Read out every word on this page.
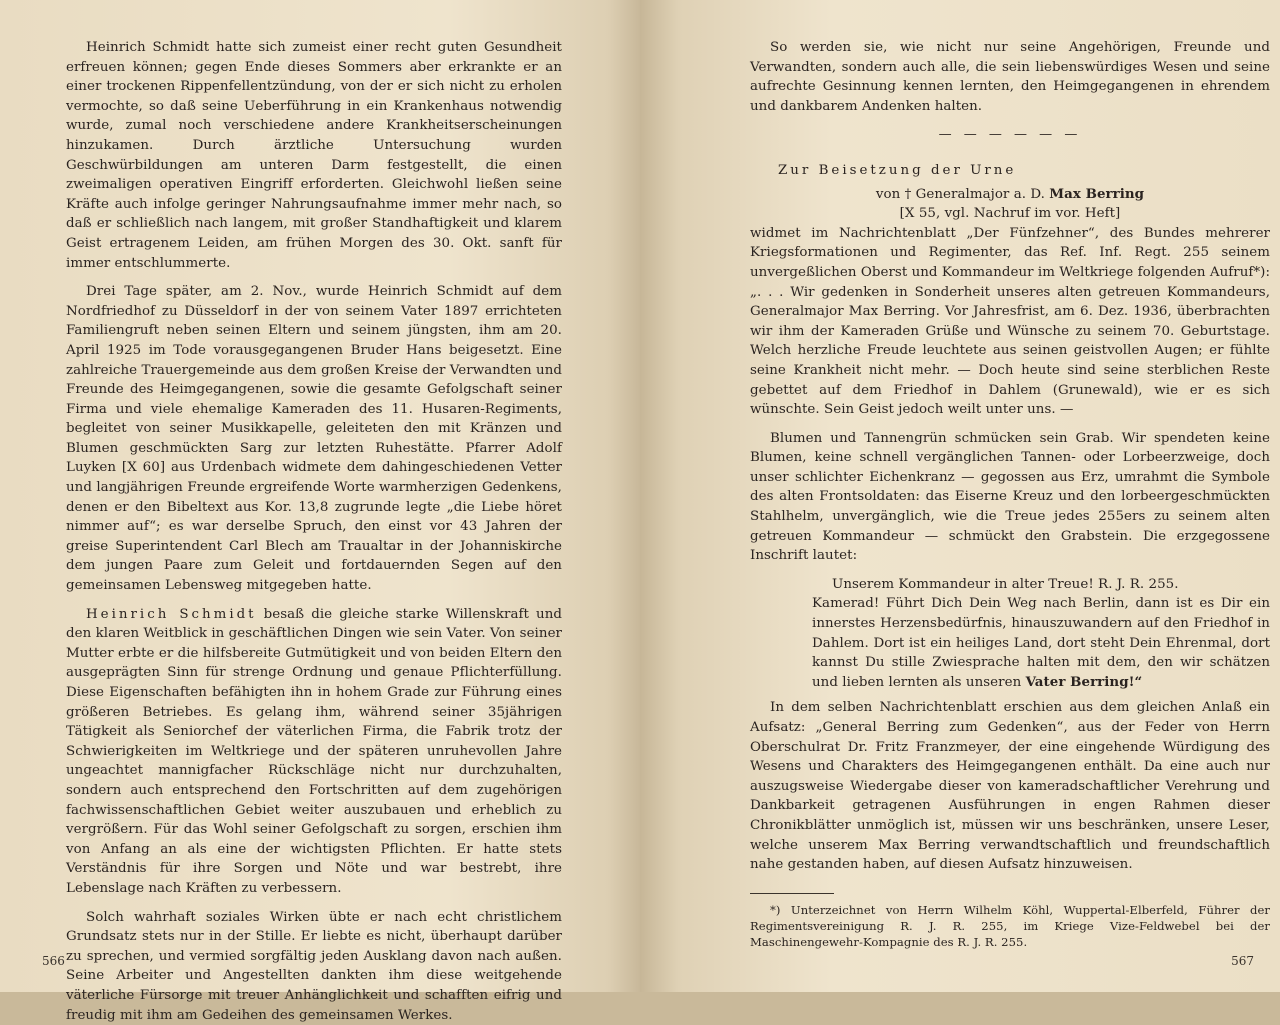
Heinrich Schmidt hatte sich zumeist einer recht guten Gesundheit erfreuen können; gegen Ende dieses Sommers aber erkrankte er an einer trockenen Rippenfellentzündung, von der er sich nicht zu erholen vermochte, so daß seine Ueberführung in ein Krankenhaus notwendig wurde, zumal noch verschiedene andere Krankheitserscheinungen hinzukamen. Durch ärztliche Untersuchung wurden Geschwürbildungen am unteren Darm festgestellt, die einen zweimaligen operativen Eingriff erforderten. Gleichwohl ließen seine Kräfte auch infolge geringer Nahrungsaufnahme immer mehr nach, so daß er schließlich nach langem, mit großer Standhaftigkeit und klarem Geist ertragenem Leiden, am frühen Morgen des 30. Okt. sanft für immer entschlummerte.

Drei Tage später, am 2. Nov., wurde Heinrich Schmidt auf dem Nordfriedhof zu Düsseldorf in der von seinem Vater 1897 errichteten Familiengruft neben seinen Eltern und seinem jüngsten, ihm am 20. April 1925 im Tode vorausgegangenen Bruder Hans beigesetzt. Eine zahlreiche Trauergemeinde aus dem großen Kreise der Verwandten und Freunde des Heimgegangenen, sowie die gesamte Gefolgschaft seiner Firma und viele ehemalige Kameraden des 11. Husaren-Regiments, begleitet von seiner Musikkapelle, geleiteten den mit Kränzen und Blumen geschmückten Sarg zur letzten Ruhestätte. Pfarrer Adolf Luyken [X 60] aus Urdenbach widmete dem dahingeschiedenen Vetter und langjährigen Freunde ergreifende Worte warmherzigen Gedenkens, denen er den Bibeltext aus Kor. 13,8 zugrunde legte „die Liebe höret nimmer auf“; es war derselbe Spruch, den einst vor 43 Jahren der greise Superintendent Carl Blech am Traualtar in der Johanniskirche dem jungen Paare zum Geleit und fortdauernden Segen auf den gemeinsamen Lebensweg mitgegeben hatte.

Heinrich Schmidt besaß die gleiche starke Willenskraft und den klaren Weitblick in geschäftlichen Dingen wie sein Vater. Von seiner Mutter erbte er die hilfsbereite Gutmütigkeit und von beiden Eltern den ausgeprägten Sinn für strenge Ordnung und genaue Pflichterfüllung. Diese Eigenschaften befähigten ihn in hohem Grade zur Führung eines größeren Betriebes. Es gelang ihm, während seiner 35jährigen Tätigkeit als Seniorchef der väterlichen Firma, die Fabrik trotz der Schwierigkeiten im Weltkriege und der späteren unruhevollen Jahre ungeachtet mannigfacher Rückschläge nicht nur durchzuhalten, sondern auch entsprechend den Fortschritten auf dem zugehörigen fachwissenschaftlichen Gebiet weiter auszubauen und erheblich zu vergrößern. Für das Wohl seiner Gefolgschaft zu sorgen, erschien ihm von Anfang an als eine der wichtigsten Pflichten. Er hatte stets Verständnis für ihre Sorgen und Nöte und war bestrebt, ihre Lebenslage nach Kräften zu verbessern.

Solch wahrhaft soziales Wirken übte er nach echt christlichem Grundsatz stets nur in der Stille. Er liebte es nicht, überhaupt darüber zu sprechen, und vermied sorgfältig jeden Ausklang davon nach außen. Seine Arbeiter und Angestellten dankten ihm diese weitgehende väterliche Fürsorge mit treuer Anhänglichkeit und schafften eifrig und freudig mit ihm am Gedeihen des gemeinsamen Werkes.

566

So werden sie, wie nicht nur seine Angehörigen, Freunde und Verwandten, sondern auch alle, die sein liebenswürdiges Wesen und seine aufrechte Gesinnung kennen lernten, den Heimgegangenen in ehrendem und dankbarem Andenken halten.

— — — — — —
Zur Beisetzung der Urne
von † Generalmajor a. D. Max Berring
[X 55, vgl. Nachruf im vor. Heft]

widmet im Nachrichtenblatt „Der Fünfzehner“, des Bundes mehrerer Kriegsformationen und Regimenter, das Ref. Inf. Regt. 255 seinem unvergeßlichen Oberst und Kommandeur im Weltkriege folgenden Aufruf*): „. . . Wir gedenken in Sonderheit unseres alten getreuen Kommandeurs, Generalmajor Max Berring. Vor Jahresfrist, am 6. Dez. 1936, überbrachten wir ihm der Kameraden Grüße und Wünsche zu seinem 70. Geburtstage. Welch herzliche Freude leuchtete aus seinen geistvollen Augen; er fühlte seine Krankheit nicht mehr. — Doch heute sind seine sterblichen Reste gebettet auf dem Friedhof in Dahlem (Grunewald), wie er es sich wünschte. Sein Geist jedoch weilt unter uns. —

Blumen und Tannengrün schmücken sein Grab. Wir spendeten keine Blumen, keine schnell vergänglichen Tannen- oder Lorbeerzweige, doch unser schlichter Eichenkranz — gegossen aus Erz, umrahmt die Symbole des alten Frontsoldaten: das Eiserne Kreuz und den lorbeergeschmückten Stahlhelm, unvergänglich, wie die Treue jedes 255ers zu seinem alten getreuen Kommandeur — schmückt den Grabstein. Die erzgegossene Inschrift lautet:

Unserem Kommandeur in alter Treue! R. J. R. 255.

Kamerad! Führt Dich Dein Weg nach Berlin, dann ist es Dir ein innerstes Herzensbedürfnis, hinauszuwandern auf den Friedhof in Dahlem. Dort ist ein heiliges Land, dort steht Dein Ehrenmal, dort kannst Du stille Zwiesprache halten mit dem, den wir schätzen und lieben lernten als unseren Vater Berring!“

In dem selben Nachrichtenblatt erschien aus dem gleichen Anlaß ein Aufsatz: „General Berring zum Gedenken“, aus der Feder von Herrn Oberschulrat Dr. Fritz Franzmeyer, der eine eingehende Würdigung des Wesens und Charakters des Heimgegangenen enthält. Da eine auch nur auszugsweise Wiedergabe dieser von kameradschaftlicher Verehrung und Dankbarkeit getragenen Ausführungen in engen Rahmen dieser Chronikblätter unmöglich ist, müssen wir uns beschränken, unsere Leser, welche unserem Max Berring verwandtschaftlich und freundschaftlich nahe gestanden haben, auf diesen Aufsatz hinzuweisen.

*) Unterzeichnet von Herrn Wilhelm Köhl, Wuppertal-Elberfeld, Führer der Regimentsvereinigung R. J. R. 255, im Kriege Vize-Feldwebel bei der Maschinengewehr-Kompagnie des R. J. R. 255.
567
